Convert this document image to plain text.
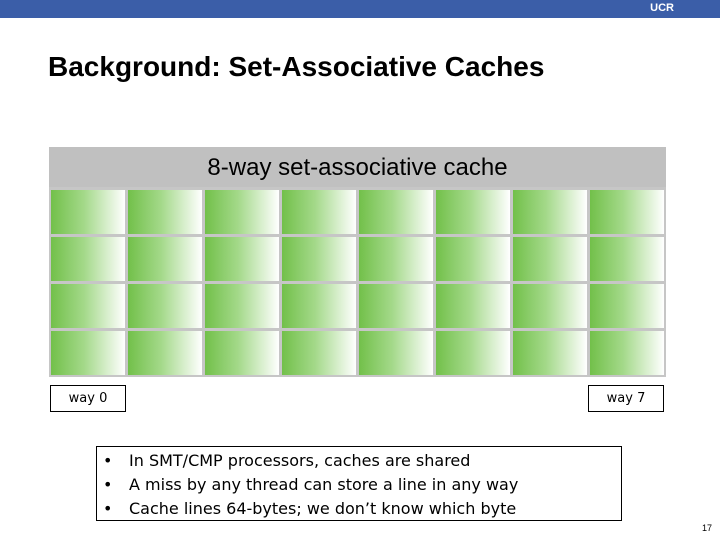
UCR
Background: Set-Associative Caches
8-way set-associative cache
way 0	way 7
• In SMT/CMP processors, caches are shared
• A miss by any thread can store a line in any way
• Cache lines 64-bytes; we don’t know which byte
17
